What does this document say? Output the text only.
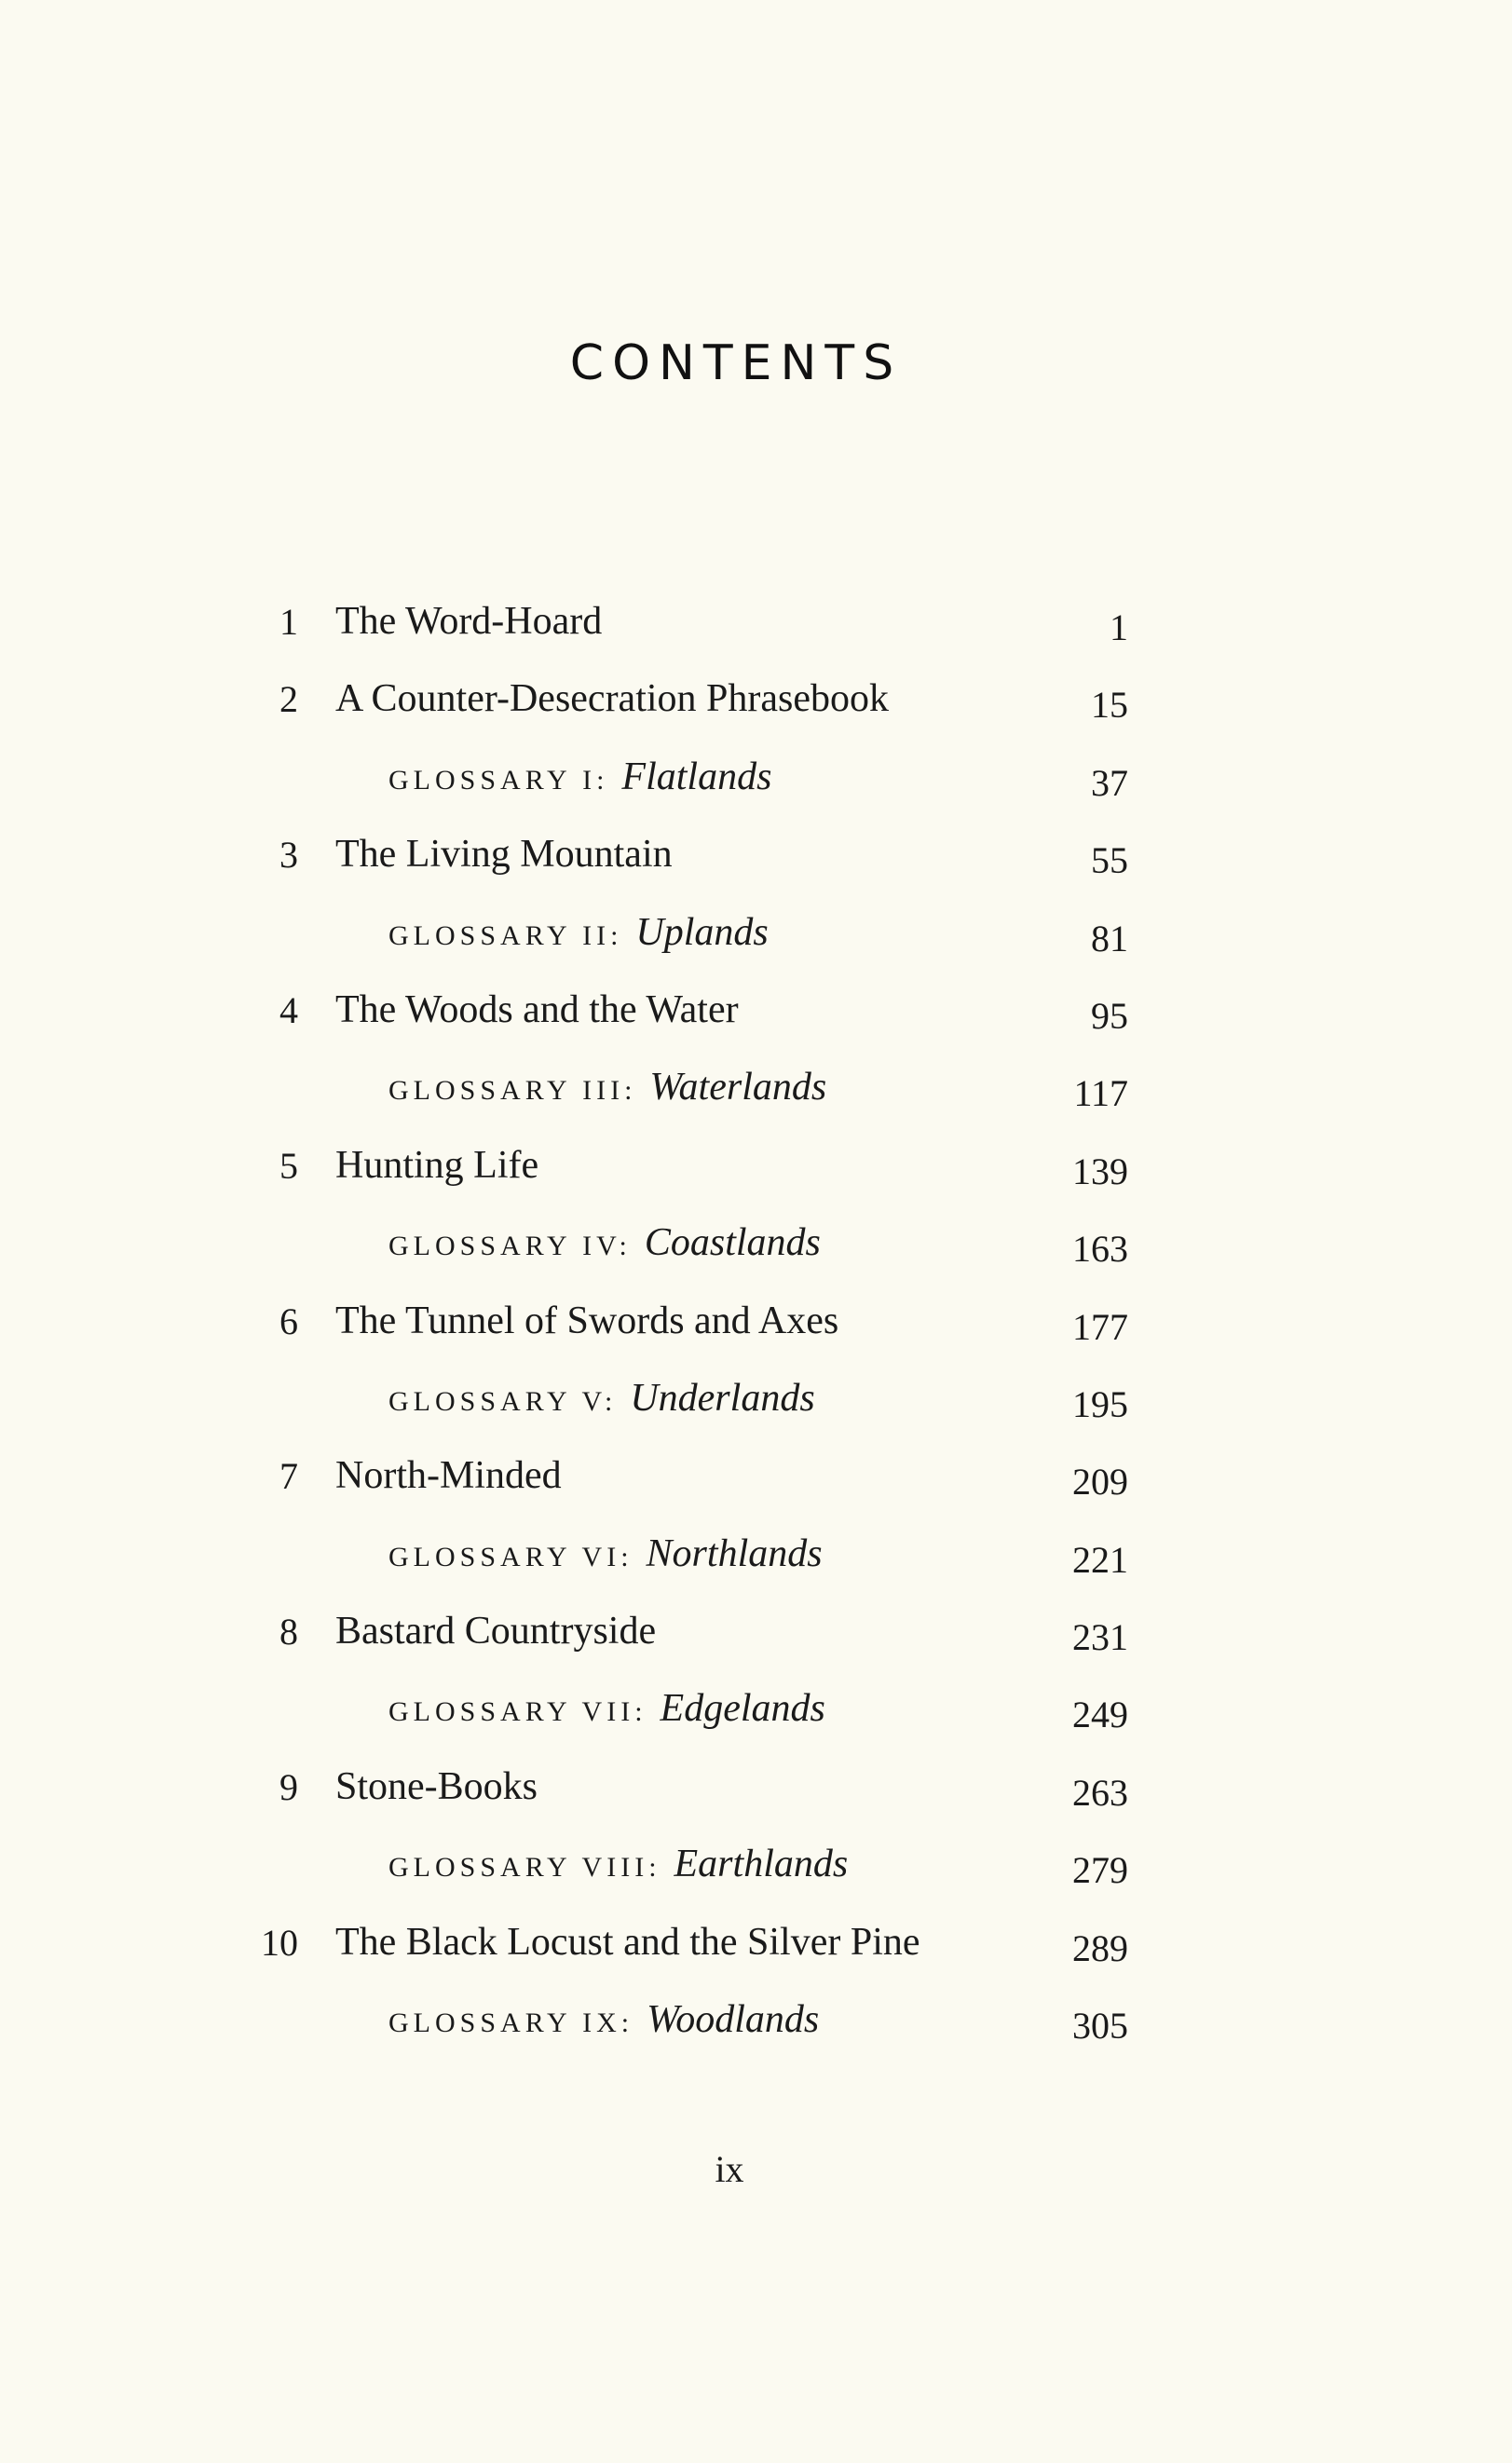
CONTENTS
1 The Word-Hoard	1
2 A Counter-Desecration Phrasebook	15
GLOSSARY I: Flatlands	37
3 The Living Mountain	55
GLOSSARY II: Uplands	81
4 The Woods and the Water	95
GLOSSARY III: Waterlands	117
5 Hunting Life	139
GLOSSARY IV: Coastlands	163
6 The Tunnel of Swords and Axes	177
GLOSSARY V: Underlands	195
7 North-Minded	209
GLOSSARY VI: Northlands	221
8 Bastard Countryside	231
GLOSSARY VII: Edgelands	249
9 Stone-Books	263
GLOSSARY VIII: Earthlands	279
10 The Black Locust and the Silver Pine	289
GLOSSARY IX: Woodlands	305
ix
